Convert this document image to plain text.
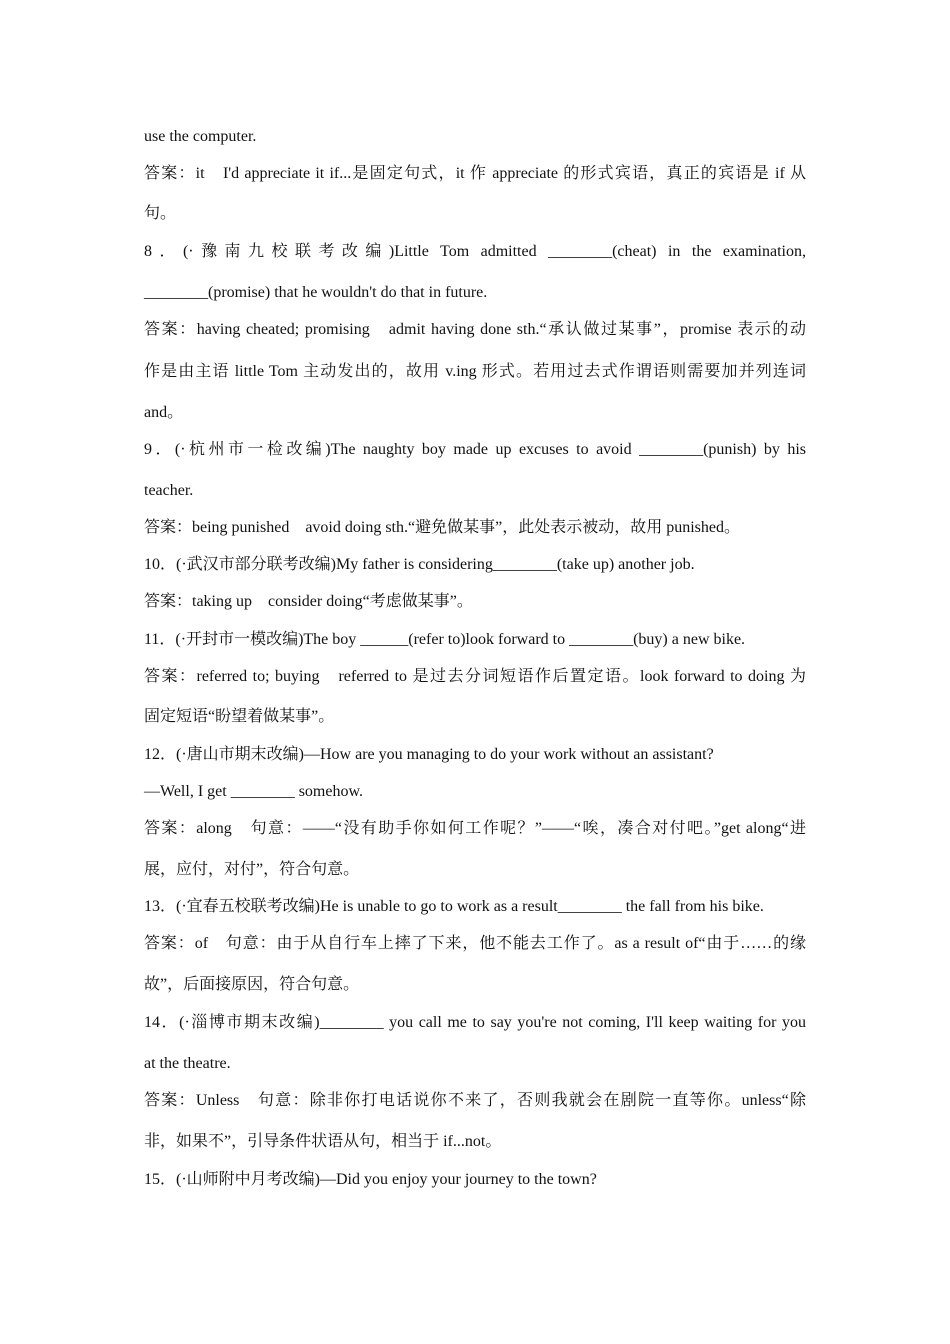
use the computer.
答案：it　I'd appreciate it if...是固定句式，it 作 appreciate 的形式宾语，真正的宾语是 if 从
句。
8．(·豫南九校联考改编)Little Tom admitted ________(cheat) in the examination,
________(promise) that he wouldn't do that in future.
答案：having cheated; promising　admit having done sth.“承认做过某事”，promise 表示的动
作是由主语 little Tom 主动发出的，故用 v.ing 形式。若用过去式作谓语则需要加并列连词
and。
9．(·杭州市一检改编)The naughty boy made up excuses to avoid ________(punish) by his
teacher.
答案：being punished　avoid doing sth.“避免做某事”，此处表示被动，故用 punished。
10．(·武汉市部分联考改编)My father is considering________(take up) another job.
答案：taking up　consider doing“考虑做某事”。
11．(·开封市一模改编)The boy ______(refer to)look forward to ________(buy) a new bike.
答案：referred to; buying　referred to 是过去分词短语作后置定语。look forward to doing 为
固定短语“盼望着做某事”。
12．(·唐山市期末改编)—How are you managing to do your work without an assistant?
—Well, I get ________ somehow.
答案：along　句意：——“没有助手你如何工作呢？”——“唉，凑合对付吧。”get along“进
展，应付，对付”，符合句意。
13．(·宜春五校联考改编)He is unable to go to work as a result________ the fall from his bike.
答案：of　句意：由于从自行车上摔了下来，他不能去工作了。as a result of“由于……的缘
故”，后面接原因，符合句意。
14．(·淄博市期末改编)________ you call me to say you're not coming, I'll keep waiting for you
at the theatre.
答案：Unless　句意：除非你打电话说你不来了，否则我就会在剧院一直等你。unless“除
非，如果不”，引导条件状语从句，相当于 if...not。
15．(·山师附中月考改编)—Did you enjoy your journey to the town?
